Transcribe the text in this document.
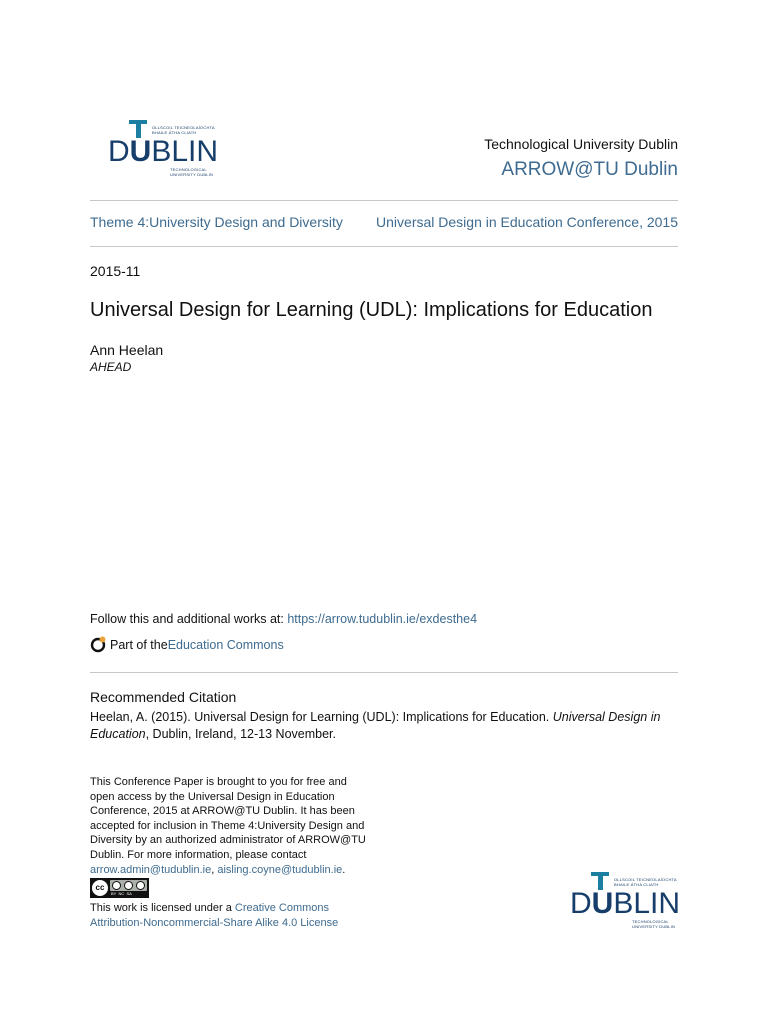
OLLSCOIL TEICNEOLAÍOCHTA
BHAILE ÁTHA CLIATH
DUBLIN
TECHNOLOGICAL
UNIVERSITY DUBLIN
Technological University Dublin
ARROW@TU Dublin
Theme 4:University Design and Diversity Universal Design in Education Conference, 2015
2015-11
Universal Design for Learning (UDL): Implications for Education
Ann Heelan
AHEAD
Follow this and additional works at: https://arrow.tudublin.ie/exdesthe4
Part of the Education Commons
Recommended Citation
Heelan, A. (2015). Universal Design for Learning (UDL): Implications for Education. Universal Design in
Education, Dublin, Ireland, 12-13 November.
This Conference Paper is brought to you for free and
open access by the Universal Design in Education
Conference, 2015 at ARROW@TU Dublin. It has been
accepted for inclusion in Theme 4:University Design and
Diversity by an authorized administrator of ARROW@TU
Dublin. For more information, please contact
arrow.admin@tudublin.ie, aisling.coyne@tudublin.ie.
cc
BY  NC  SA
This work is licensed under a Creative Commons
Attribution-Noncommercial-Share Alike 4.0 License
OLLSCOIL TEICNEOLAÍOCHTA
BHAILE ÁTHA CLIATH
DUBLIN
TECHNOLOGICAL
UNIVERSITY DUBLIN
